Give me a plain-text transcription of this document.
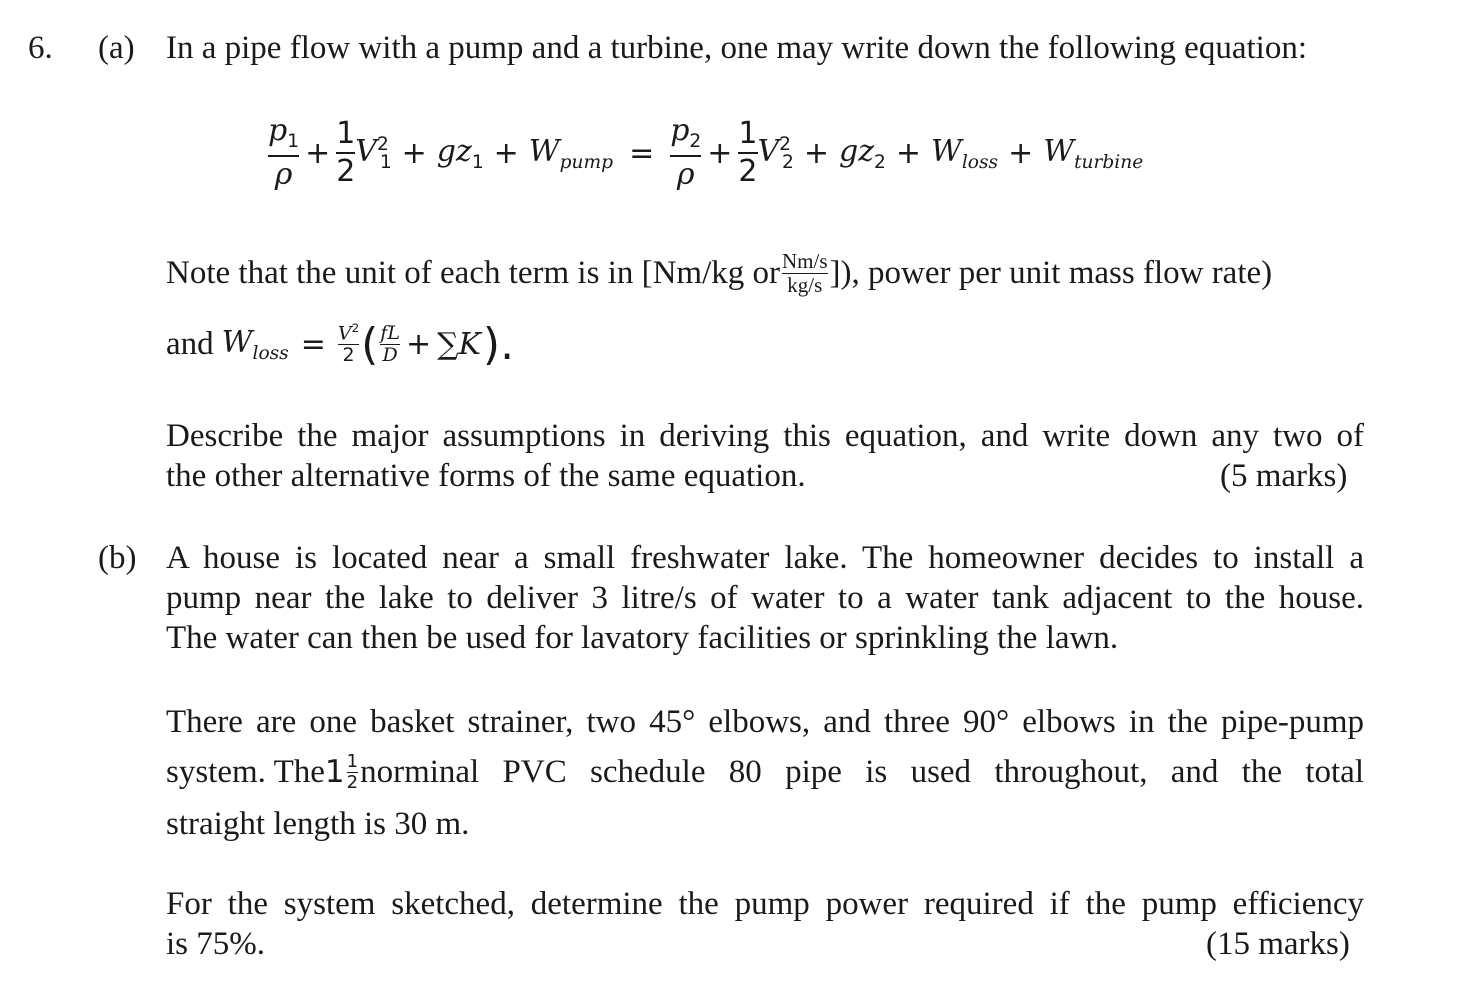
6. (a) In a pipe flow with a pump and a turbine, one may write down the following equation:
$\frac{p_1}{\rho} + \frac{1}{2} V^2_1 + gz_1 + W_{pump} = \frac{p_2}{\rho} + \frac{1}{2} V^2_2 + gz_2 + W_{loss} + W_{turbine}$
Note that the unit of each term is in [Nm/kg or $\frac{Nm/s}{kg/s}$ ]), power per unit mass flow rate)
and $W_{loss} = \frac{V^2}{2}$ ( $\frac{fL}{D} + \sum K$ ).
Describe the major assumptions in deriving this equation, and write down any two of
the other alternative forms of the same equation.	(5 marks)
(b) A house is located near a small freshwater lake. The homeowner decides to install a
pump near the lake to deliver 3 litre/s of water to a water tank adjacent to the house.
The water can then be used for lavatory facilities or sprinkling the lawn.
There are one basket strainer, two 45° elbows, and three 90° elbows in the pipe-pump
system. The $1 \frac{1}{2}$ norminal PVC schedule 80 pipe is used throughout, and the total
straight length is 30 m.
For the system sketched, determine the pump power required if the pump efficiency
is 75%.	(15 marks)
